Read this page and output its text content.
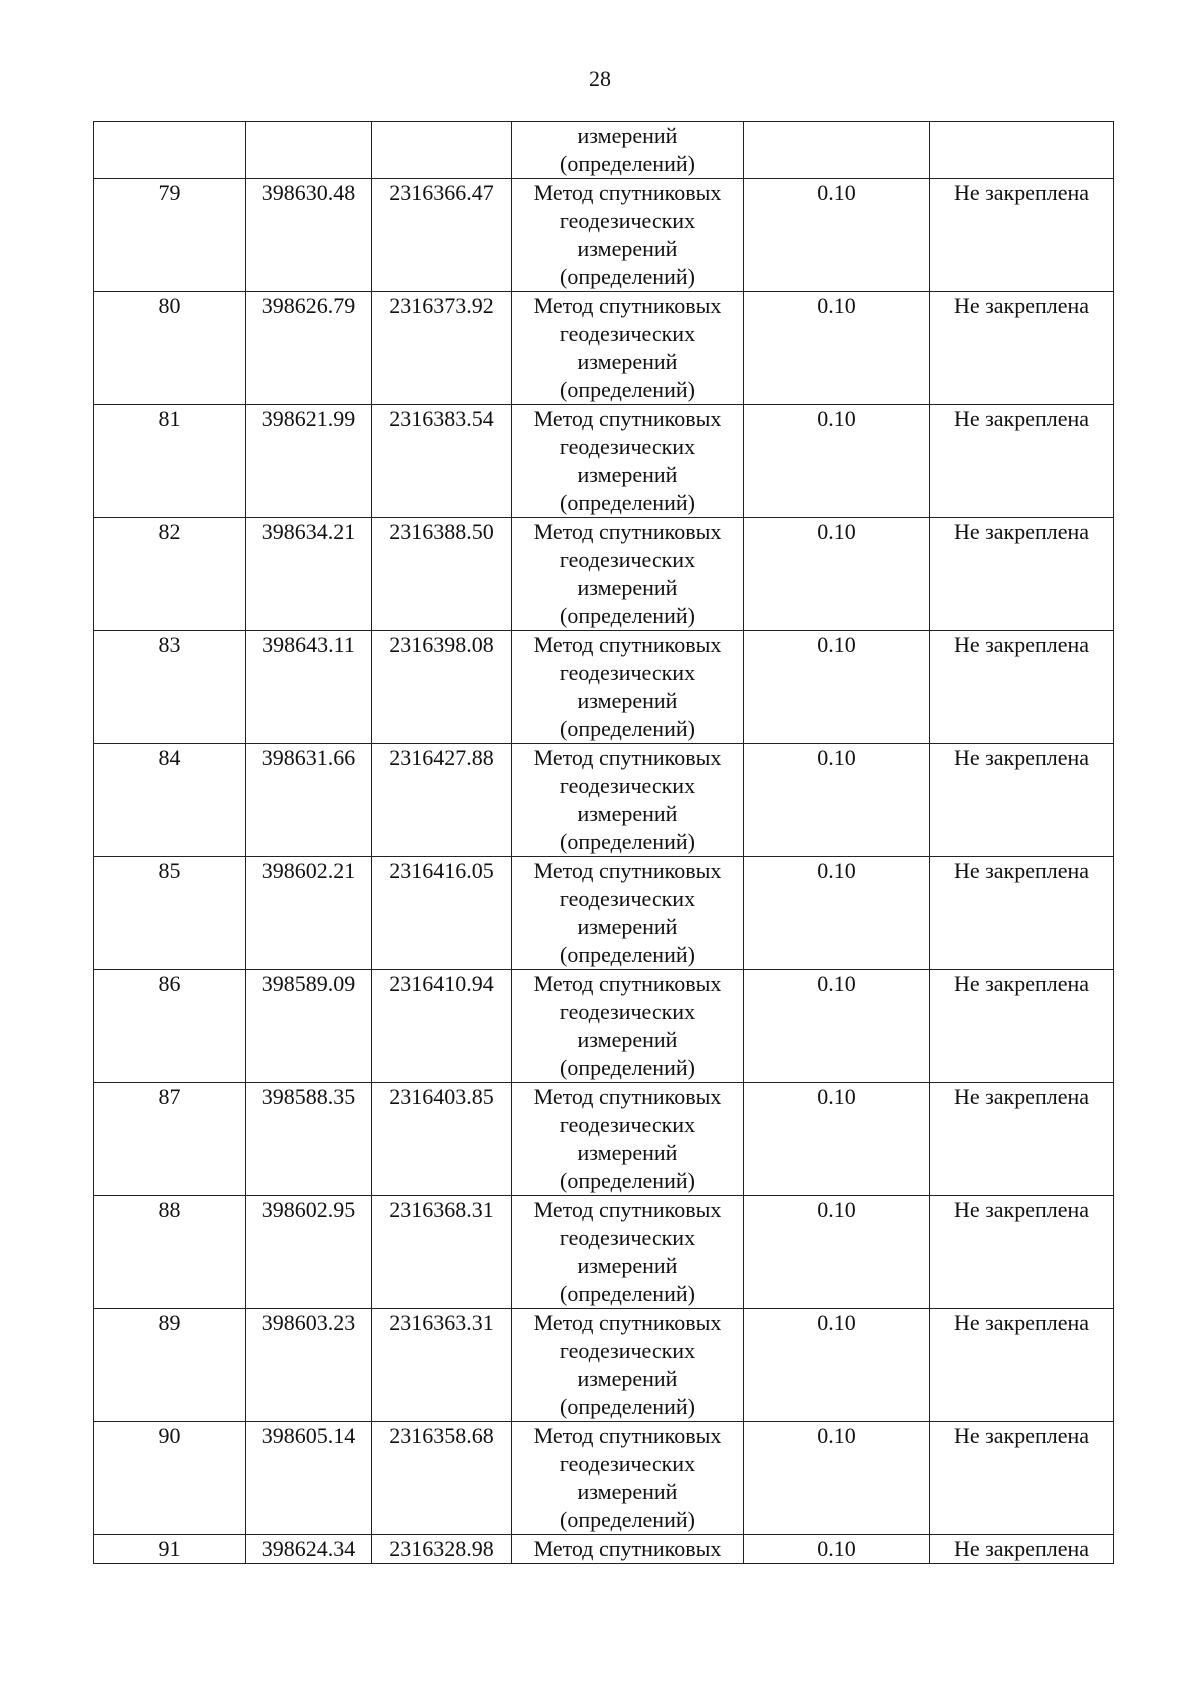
28

			измерений
(определений)		

79	398630.48	2316366.47	Метод спутниковых
геодезических
измерений
(определений)	0.10	Не закреплена
80	398626.79	2316373.92	Метод спутниковых
геодезических
измерений
(определений)	0.10	Не закреплена
81	398621.99	2316383.54	Метод спутниковых
геодезических
измерений
(определений)	0.10	Не закреплена
82	398634.21	2316388.50	Метод спутниковых
геодезических
измерений
(определений)	0.10	Не закреплена
83	398643.11	2316398.08	Метод спутниковых
геодезических
измерений
(определений)	0.10	Не закреплена
84	398631.66	2316427.88	Метод спутниковых
геодезических
измерений
(определений)	0.10	Не закреплена
85	398602.21	2316416.05	Метод спутниковых
геодезических
измерений
(определений)	0.10	Не закреплена
86	398589.09	2316410.94	Метод спутниковых
геодезических
измерений
(определений)	0.10	Не закреплена
87	398588.35	2316403.85	Метод спутниковых
геодезических
измерений
(определений)	0.10	Не закреплена
88	398602.95	2316368.31	Метод спутниковых
геодезических
измерений
(определений)	0.10	Не закреплена
89	398603.23	2316363.31	Метод спутниковых
геодезических
измерений
(определений)	0.10	Не закреплена
90	398605.14	2316358.68	Метод спутниковых
геодезических
измерений
(определений)	0.10	Не закреплена
91	398624.34	2316328.98	Метод спутниковых	0.10	Не закреплена
